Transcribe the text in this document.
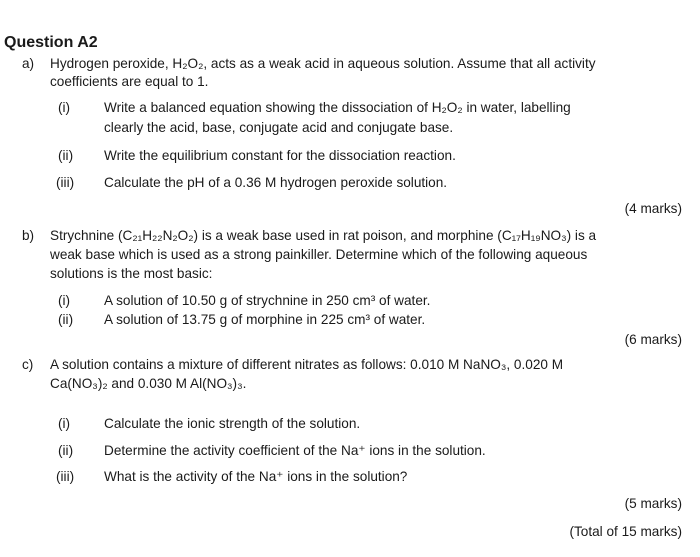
Question A2
a) Hydrogen peroxide, H₂O₂, acts as a weak acid in aqueous solution. Assume that all activity
coefficients are equal to 1.
(i) Write a balanced equation showing the dissociation of H₂O₂ in water, labelling
clearly the acid, base, conjugate acid and conjugate base.
(ii) Write the equilibrium constant for the dissociation reaction.
(iii) Calculate the pH of a 0.36 M hydrogen peroxide solution.
(4 marks)
b) Strychnine (C₂₁H₂₂N₂O₂) is a weak base used in rat poison, and morphine (C₁₇H₁₉NO₃) is a
weak base which is used as a strong painkiller. Determine which of the following aqueous
solutions is the most basic:
(i) A solution of 10.50 g of strychnine in 250 cm³ of water.
(ii) A solution of 13.75 g of morphine in 225 cm³ of water.
(6 marks)
c) A solution contains a mixture of different nitrates as follows: 0.010 M NaNO₃, 0.020 M
Ca(NO₃)₂ and 0.030 M Al(NO₃)₃.
(i) Calculate the ionic strength of the solution.
(ii) Determine the activity coefficient of the Na⁺ ions in the solution.
(iii) What is the activity of the Na⁺ ions in the solution?
(5 marks)
(Total of 15 marks)
